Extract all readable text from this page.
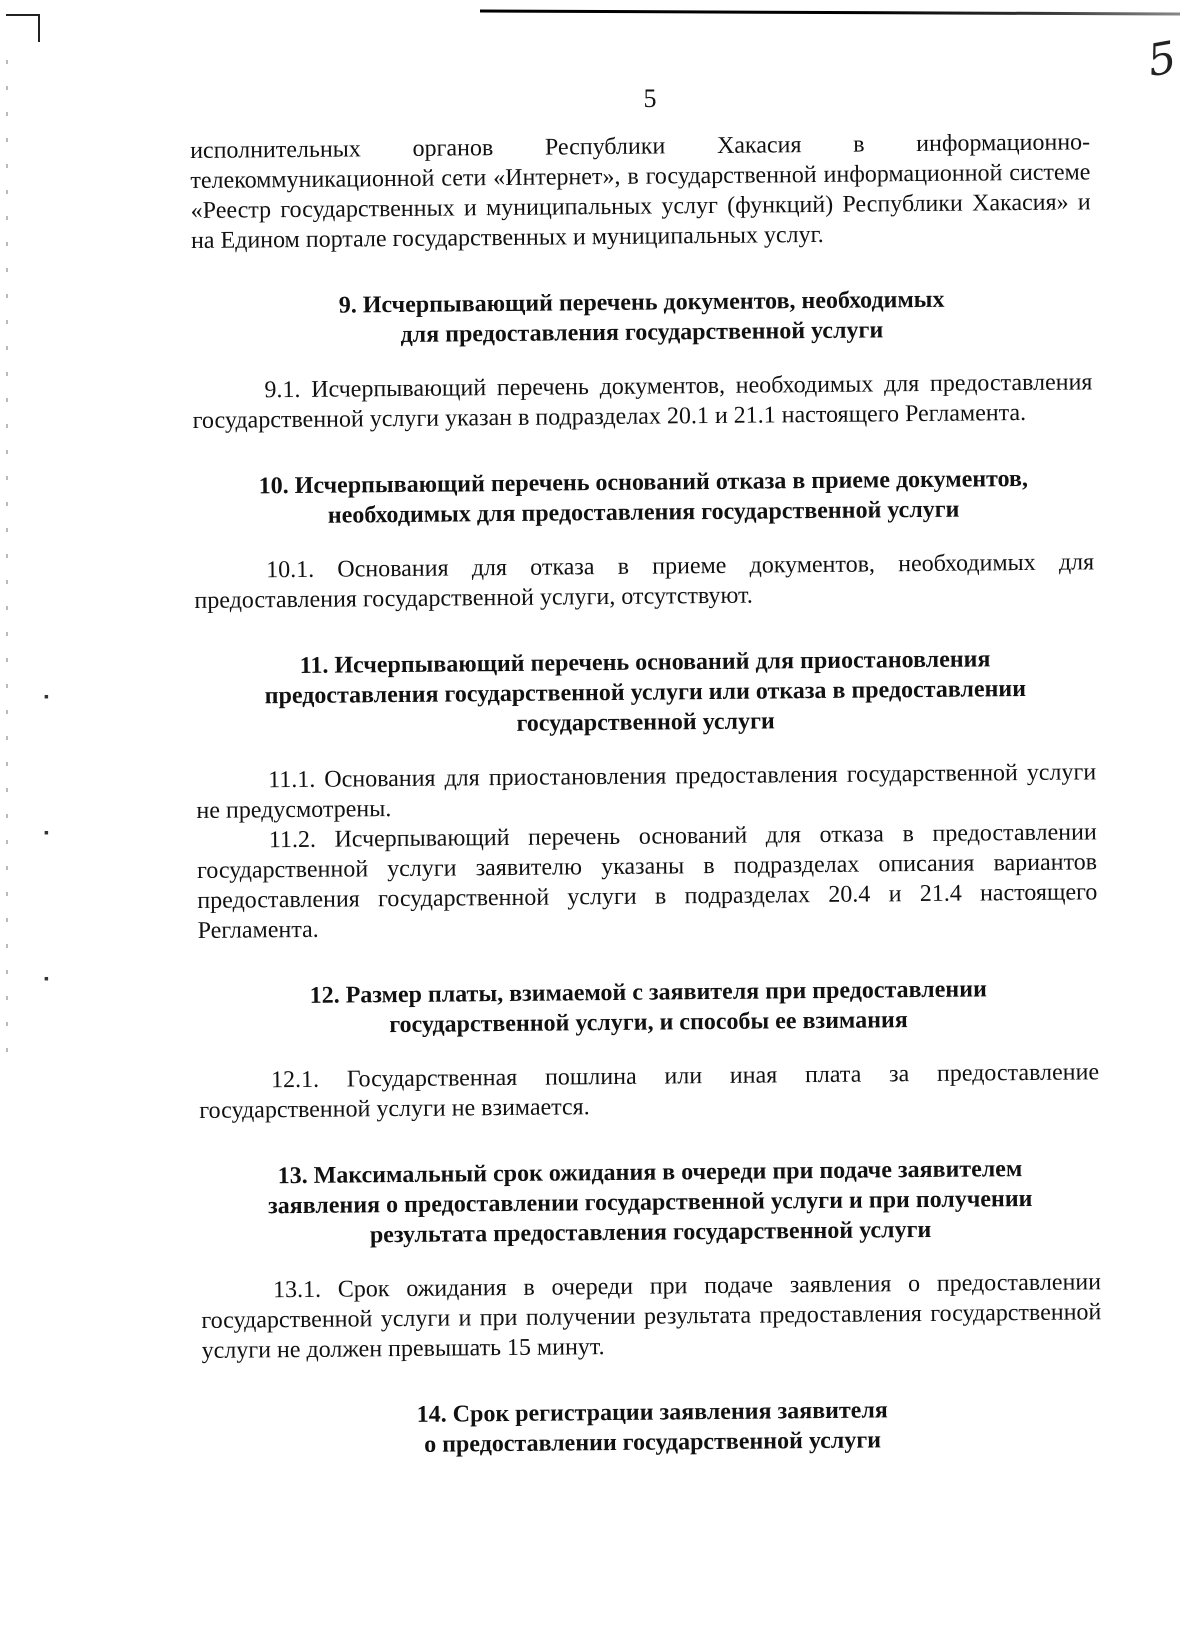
▪
▪
▪
5
5

исполнительных органов Республики Хакасия в информационно-телекоммуникационной сети «Интернет», в государственной информационной системе «Реестр государственных и муниципальных услуг (функций) Республики Хакасия» и на Едином портале государственных и муниципальных услуг.

9. Исчерпывающий перечень документов, необходимых
для предоставления государственной услуги

9.1. Исчерпывающий перечень документов, необходимых для предоставления государственной услуги указан в подразделах 20.1 и 21.1 настоящего Регламента.

10. Исчерпывающий перечень оснований отказа в приеме документов,
необходимых для предоставления государственной услуги

10.1. Основания для отказа в приеме документов, необходимых для предоставления государственной услуги, отсутствуют.

11. Исчерпывающий перечень оснований для приостановления
предоставления государственной услуги или отказа в предоставлении
государственной услуги

11.1. Основания для приостановления предоставления государственной услуги не предусмотрены.

11.2. Исчерпывающий перечень оснований для отказа в предоставлении государственной услуги заявителю указаны в подразделах описания вариантов предоставления государственной услуги в подразделах 20.4 и 21.4 настоящего Регламента.

12. Размер платы, взимаемой с заявителя при предоставлении
государственной услуги, и способы ее взимания

12.1. Государственная пошлина или иная плата за предоставление государственной услуги не взимается.

13. Максимальный срок ожидания в очереди при подаче заявителем
заявления о предоставлении государственной услуги и при получении
результата предоставления государственной услуги

13.1. Срок ожидания в очереди при подаче заявления о предоставлении государственной услуги и при получении результата предоставления государственной услуги не должен превышать 15 минут.

14. Срок регистрации заявления заявителя
о предоставлении государственной услуги
